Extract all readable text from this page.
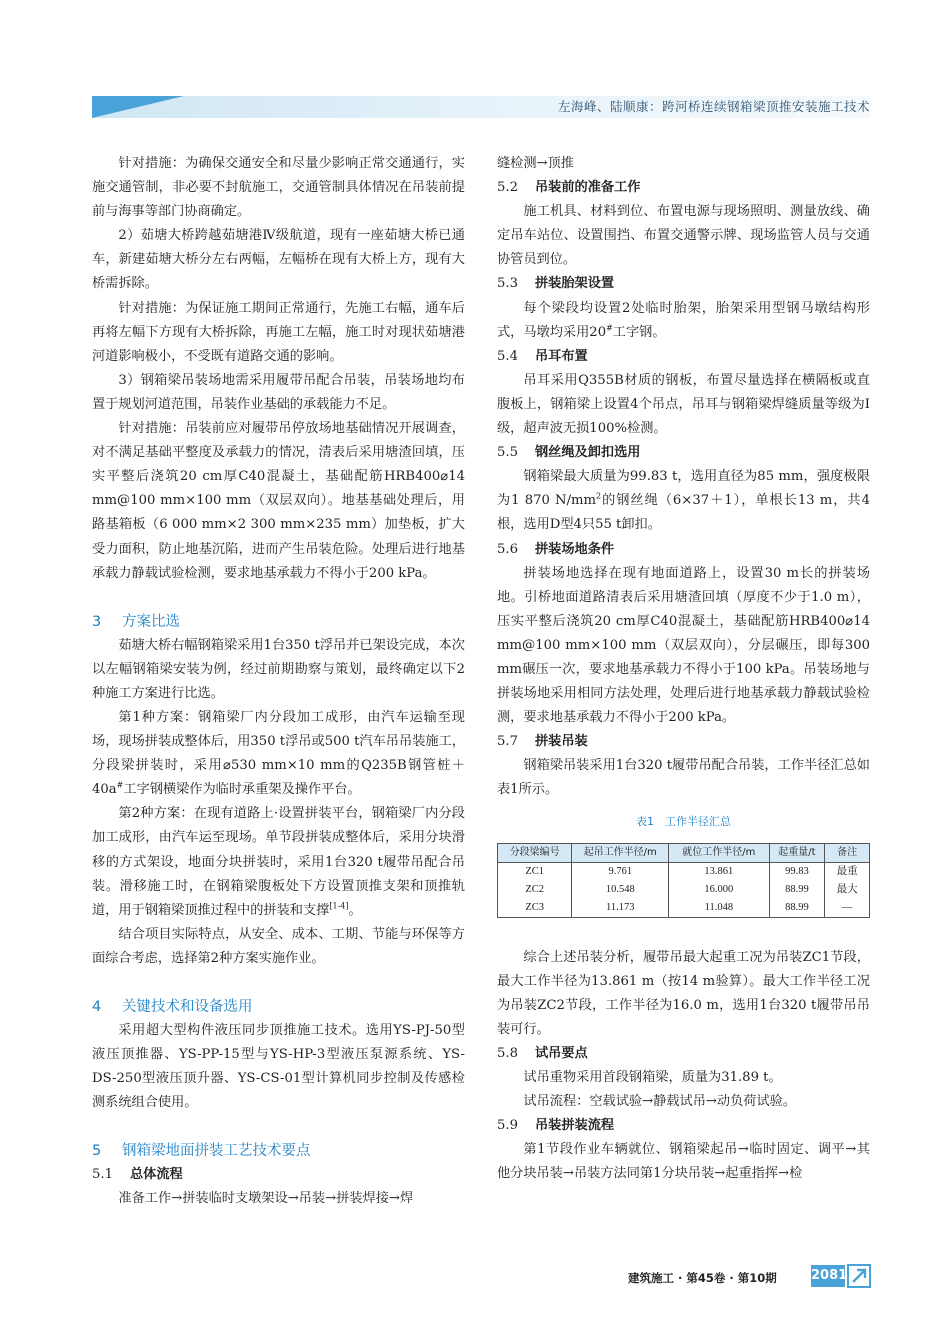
左海峰、陆顺康：跨河桥连续钢箱梁顶推安装施工技术

针对措施：为确保交通安全和尽量少影响正常交通通行，实施交通管制，非必要不封航施工，交通管制具体情况在吊装前提前与海事等部门协商确定。

2）茹塘大桥跨越茹塘港Ⅳ级航道，现有一座茹塘大桥已通车，新建茹塘大桥分左右两幅，左幅桥在现有大桥上方，现有大桥需拆除。

针对措施：为保证施工期间正常通行，先施工右幅，通车后再将左幅下方现有大桥拆除，再施工左幅，施工时对现状茹塘港河道影响极小，不受既有道路交通的影响。

3）钢箱梁吊装场地需采用履带吊配合吊装，吊装场地均布置于规划河道范围，吊装作业基础的承载能力不足。

针对措施：吊装前应对履带吊停放场地基础情况开展调查，对不满足基础平整度及承载力的情况，清表后采用塘渣回填，压实平整后浇筑20 cm厚C40混凝土，基础配筋HRB400⌀14 mm@100 mm×100 mm（双层双向）。地基基础处理后，用路基箱板（6 000 mm×2 300 mm×235 mm）加垫板，扩大受力面积，防止地基沉陷，进而产生吊装危险。处理后进行地基承载力静载试验检测，要求地基承载力不得小于200 kPa。

3 方案比选

茹塘大桥右幅钢箱梁采用1台350 t浮吊并已架设完成，本次以左幅钢箱梁安装为例，经过前期勘察与策划，最终确定以下2种施工方案进行比选。

第1种方案：钢箱梁厂内分段加工成形，由汽车运输至现场，现场拼装成整体后，用350 t浮吊或500 t汽车吊吊装施工，分段梁拼装时，采用⌀530 mm×10 mm的Q235B钢管桩＋40a#工字钢横梁作为临时承重架及操作平台。

第2种方案：在现有道路上·设置拼装平台，钢箱梁厂内分段加工成形，由汽车运至现场。单节段拼装成整体后，采用分块滑移的方式架设，地面分块拼装时，采用1台320 t履带吊配合吊装。滑移施工时，在钢箱梁腹板处下方设置顶推支架和顶推轨道，用于钢箱梁顶推过程中的拼装和支撑[1-4]。

结合项目实际特点，从安全、成本、工期、节能与环保等方面综合考虑，选择第2种方案实施作业。

4 关键技术和设备选用

采用超大型构件液压同步顶推施工技术。选用YS-PJ-50型液压顶推器、YS-PP-15型与YS-HP-3型液压泵源系统、YS-DS-250型液压顶升器、YS-CS-01型计算机同步控制及传感检测系统组合使用。

5 钢箱梁地面拼装工艺技术要点
5.1 总体流程

准备工作→拼装临时支墩架设→吊装→拼装焊接→焊

缝检测→顶推

5.2 吊装前的准备工作

施工机具、材料到位、布置电源与现场照明、测量放线、确定吊车站位、设置围挡、布置交通警示牌、现场监管人员与交通协管员到位。

5.3 拼装胎架设置

每个梁段均设置2处临时胎架，胎架采用型钢马墩结构形式，马墩均采用20#工字钢。

5.4 吊耳布置

吊耳采用Q355B材质的钢板，布置尽量选择在横隔板或直腹板上，钢箱梁上设置4个吊点，吊耳与钢箱梁焊缝质量等级为Ⅰ级，超声波无损100%检测。

5.5 钢丝绳及卸扣选用

钢箱梁最大质量为99.83 t，选用直径为85 mm，强度极限为1 870 $N/mm^2$的钢丝绳（6×37＋1），单根长13 m，共4根，选用D型4只55 t卸扣。

5.6 拼装场地条件

拼装场地选择在现有地面道路上，设置30 m长的拼装场地。引桥地面道路清表后采用塘渣回填（厚度不少于1.0 m），压实平整后浇筑20 cm厚C40混凝土，基础配筋HRB400⌀14 mm@100 mm×100 mm（双层双向），分层碾压，即每300 mm碾压一次，要求地基承载力不得小于100 kPa。吊装场地与拼装场地采用相同方法处理，处理后进行地基承载力静载试验检测，要求地基承载力不得小于200 kPa。

5.7 拼装吊装

钢箱梁吊装采用1台320 t履带吊配合吊装，工作半径汇总如表1所示。

表1　工作半径汇总
分段梁编号	起吊工作半径/m	就位工作半径/m	起重量/t	备注
ZC1	9.761	13.861	99.83	最重
ZC2	10.548	16.000	88.99	最大
ZC3	11.173	11.048	88.99	—

综合上述吊装分析，履带吊最大起重工况为吊装ZC1节段，最大工作半径为13.861 m（按14 m验算）。最大工作半径工况为吊装ZC2节段，工作半径为16.0 m，选用1台320 t履带吊吊装可行。

5.8 试吊要点

试吊重物采用首段钢箱梁，质量为31.89 t。

试吊流程：空载试验→静载试吊→动负荷试验。

5.9 吊装拼装流程

第1节段作业车辆就位、钢箱梁起吊→临时固定、调平→其他分块吊装→吊装方法同第1分块吊装→起重指挥→检

建筑施工 · 第45卷 · 第10期	2081
